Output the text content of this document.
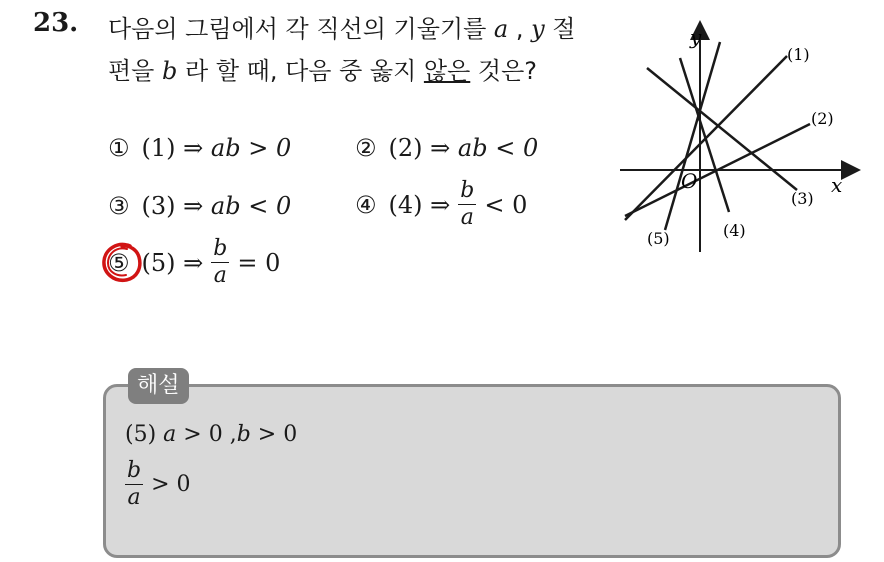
23. 다음의 그림에서 각 직선의 기울기를 a , y 절
편을 b 라 할 때, 다음 중 옳지 않은 것은?
① (1) ⇒ ab > 0	② (2) ⇒ ab < 0
③ (3) ⇒ ab < 0	④ (4)
⇒ $\frac{b}{a} < 0$
⑤ (5)
⇒ $\frac{b}{a} = 0$
y
x
O
(1)
(2)
(3)
(4)
(5)
해설
(5) a > 0 ,b > 0
$\frac{b}{a} > 0$
